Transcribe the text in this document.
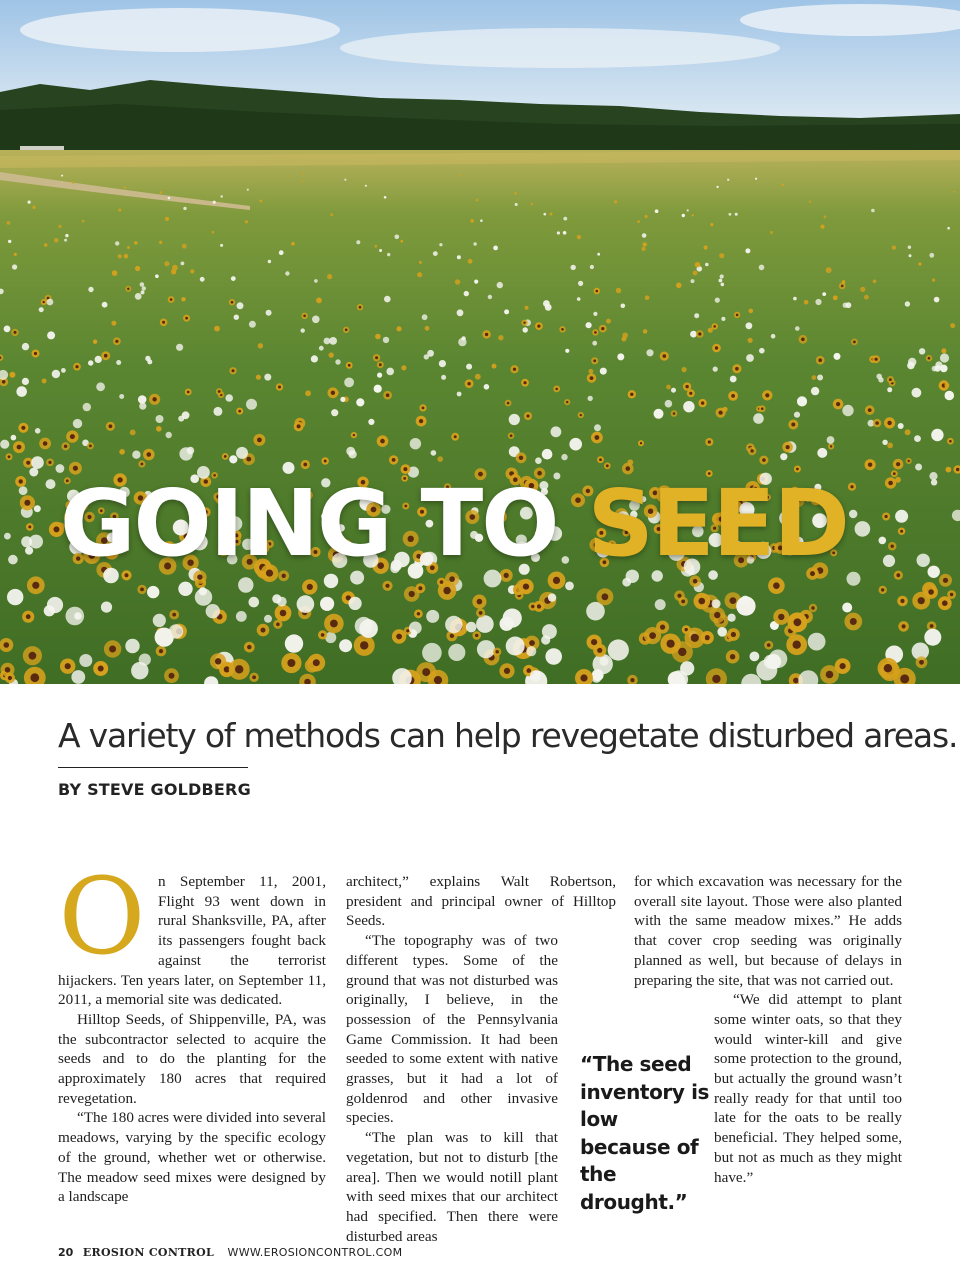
GOING TO SEED
A variety of methods can help revegetate disturbed areas.
BY STEVE GOLDBERG
O n September 11, 2001, Flight 93 went down in rural Shanksville, PA, after its passengers fought back against the terrorist hijackers. Ten years later, on September 11, 2011, a memorial site was dedicated.

Hilltop Seeds, of Shippenville, PA, was the subcontractor selected to acquire the seeds and to do the planting for the approximately 180 acres that required revegetation.

“The 180 acres were divided into several meadows, varying by the specific ecology of the ground, whether wet or otherwise. The meadow seed mixes were designed by a landscape

architect,” explains Walt Robertson, president and principal owner of Hilltop Seeds.

“The topography was of two different types. Some of the ground that was not disturbed was originally, I believe, in the possession of the Pennsylvania Game Commission. It had been seeded to some extent with native grasses, but it had a lot of goldenrod and other invasive species.

“The plan was to kill that vegetation, but not to disturb [the area]. Then we would notill plant with seed mixes that our architect had specified. Then there were disturbed areas

“The seed inventory is low because of the drought.”

for which excavation was necessary for the overall site layout. Those were also planted with the same meadow mixes.” He adds that cover crop seeding was originally planned as well, but because of delays in preparing the site, that was not carried out.

“We did attempt to plant some winter oats, so that they would winter-kill and give some protection to the ground, but actually the ground wasn’t really ready for that until too late for the oats to be really beneficial. They helped some, but not as much as they might have.”

20 EROSION CONTROL WWW.EROSIONCONTROL.COM
